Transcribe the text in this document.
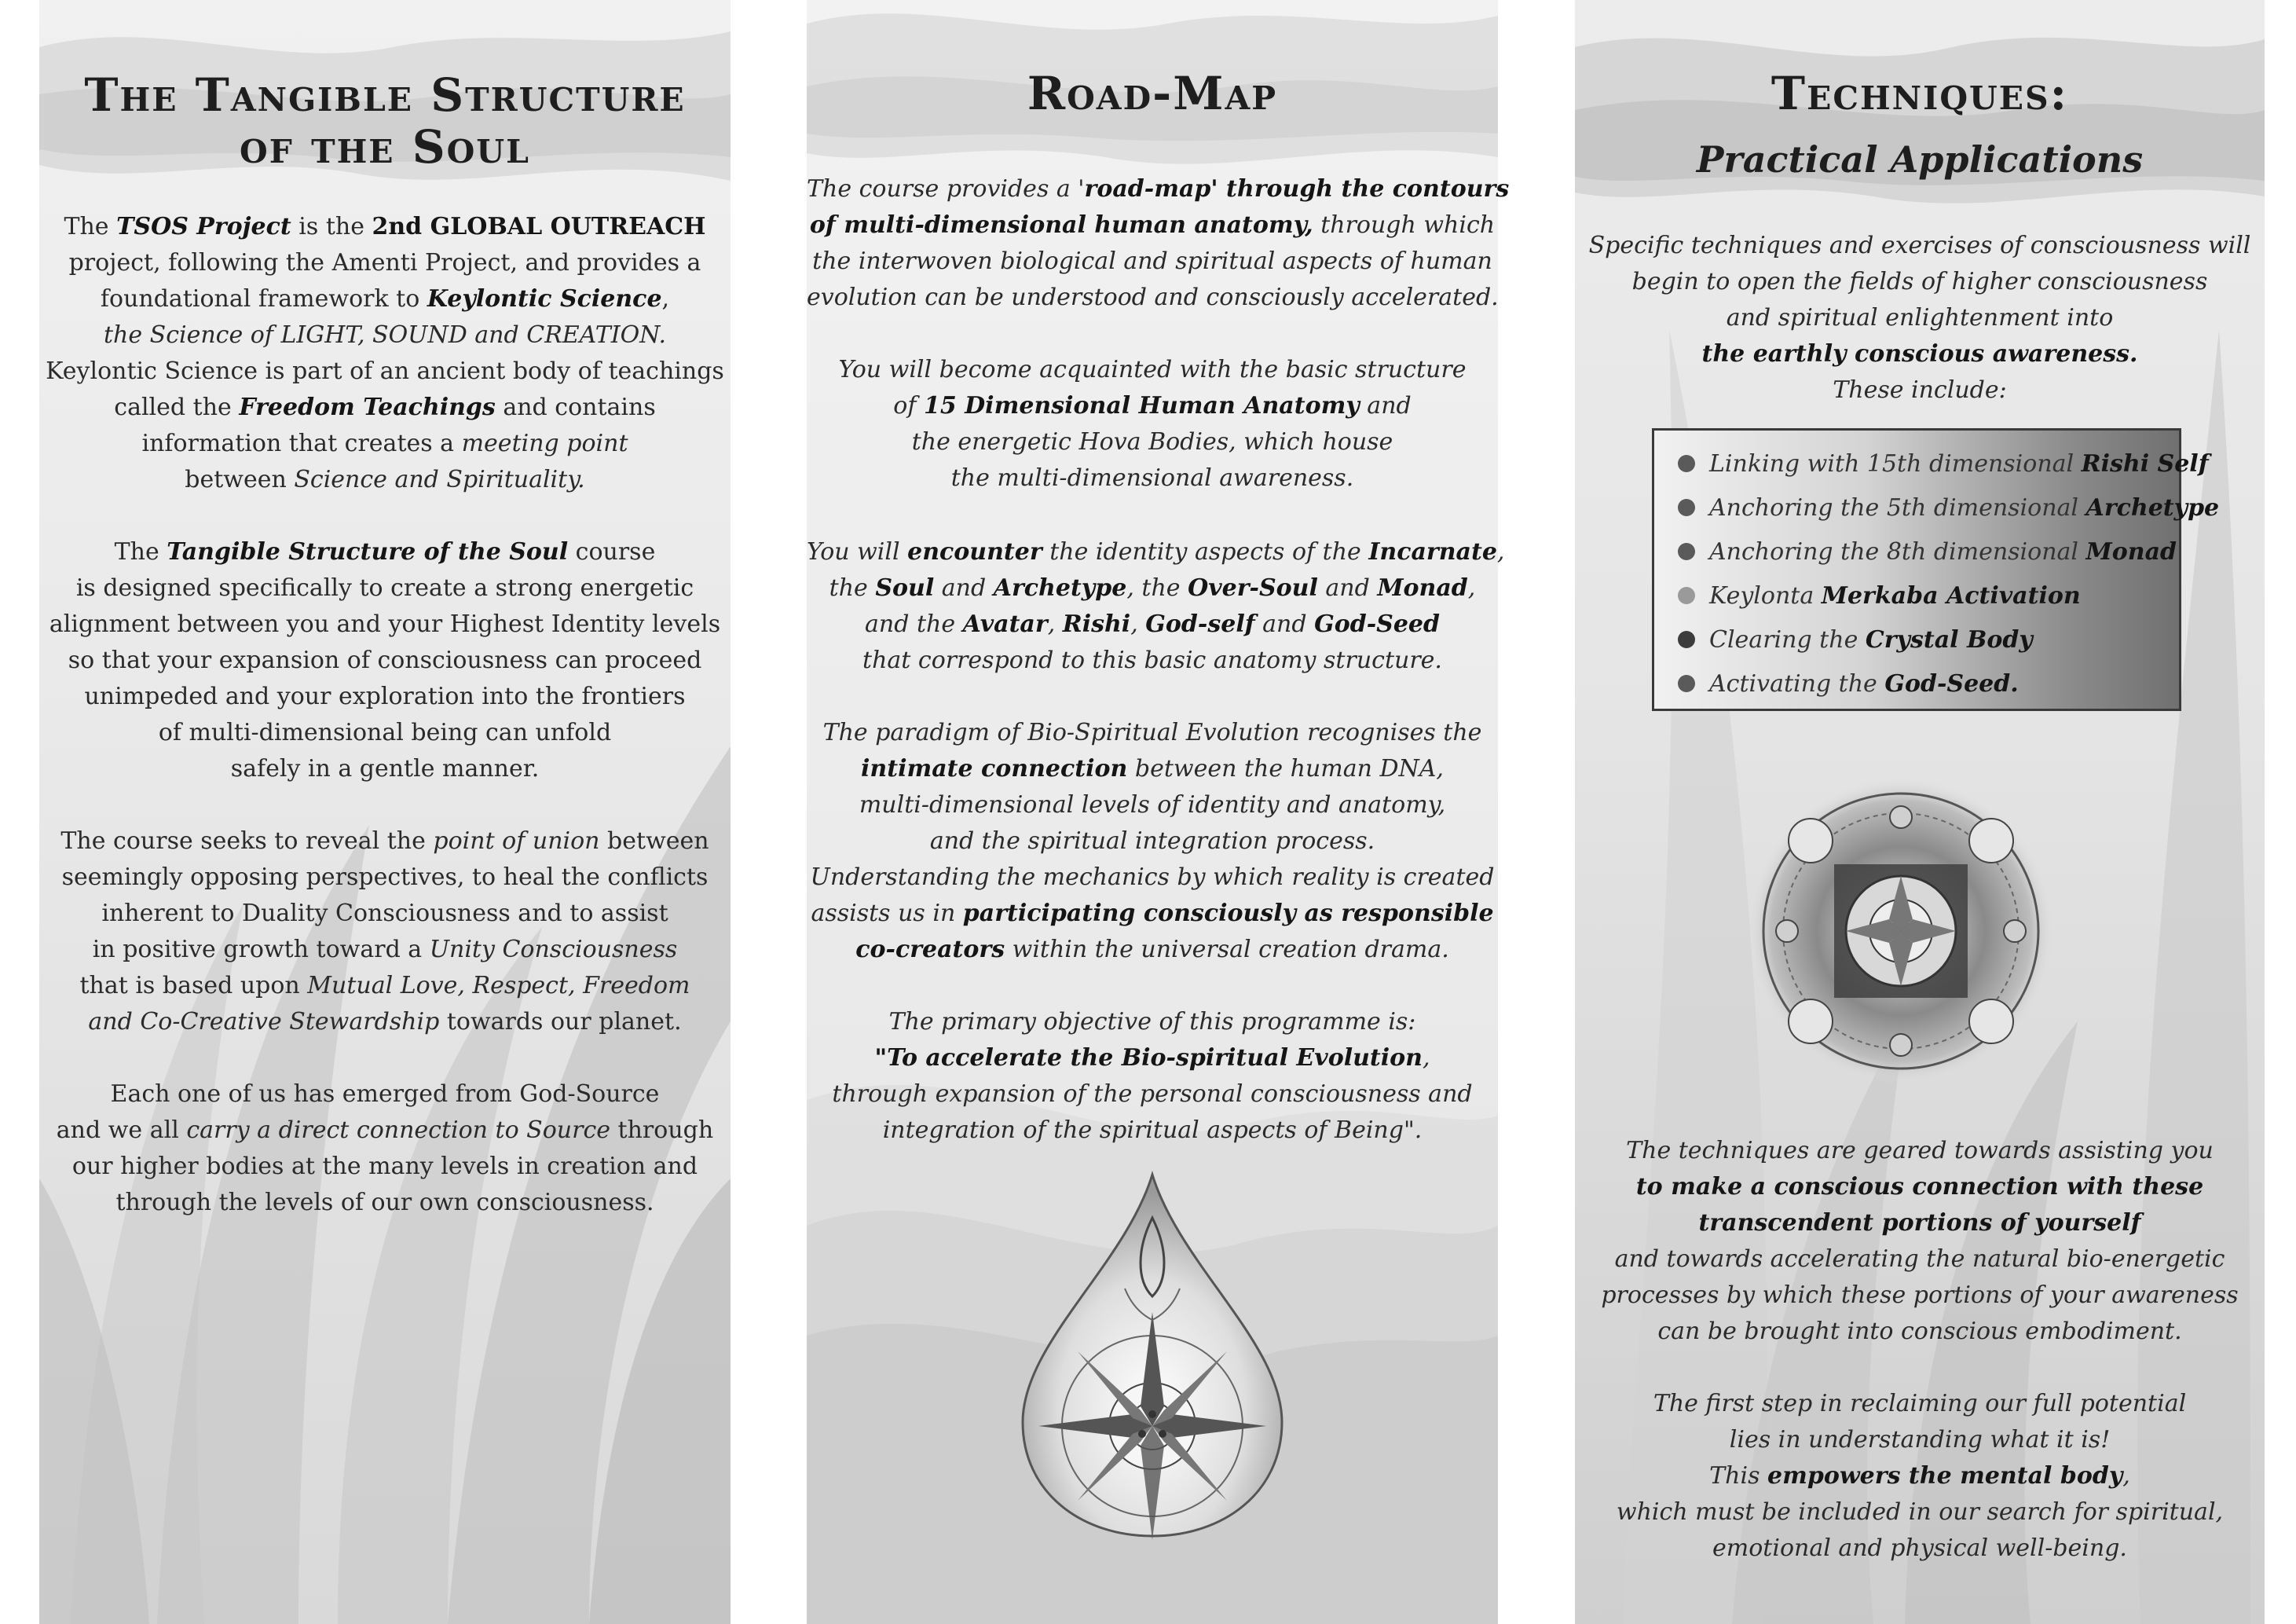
The Tangible Structure
of the Soul
The TSOS Project is the 2nd GLOBAL OUTREACH
project, following the Amenti Project, and provides a
foundational framework to Keylontic Science,
the Science of LIGHT, SOUND and CREATION.
Keylontic Science is part of an ancient body of teachings
called the Freedom Teachings and contains
information that creates a meeting point
between Science and Spirituality.
The Tangible Structure of the Soul course
is designed specifically to create a strong energetic
alignment between you and your Highest Identity levels
so that your expansion of consciousness can proceed
unimpeded and your exploration into the frontiers
of multi-dimensional being can unfold
safely in a gentle manner.
The course seeks to reveal the point of union between
seemingly opposing perspectives, to heal the conflicts
inherent to Duality Consciousness and to assist
in positive growth toward a Unity Consciousness
that is based upon Mutual Love, Respect, Freedom
and Co-Creative Stewardship towards our planet.
Each one of us has emerged from God-Source
and we all carry a direct connection to Source through
our higher bodies at the many levels in creation and
through the levels of our own consciousness.
Road-Map
The course provides a 'road-map' through the contours
of multi-dimensional human anatomy, through which
the interwoven biological and spiritual aspects of human
evolution can be understood and consciously accelerated.
You will become acquainted with the basic structure
of 15 Dimensional Human Anatomy and
the energetic Hova Bodies, which house
the multi-dimensional awareness.
You will encounter the identity aspects of the Incarnate,
the Soul and Archetype, the Over-Soul and Monad,
and the Avatar, Rishi, God-self and God-Seed
that correspond to this basic anatomy structure.
The paradigm of Bio-Spiritual Evolution recognises the
intimate connection between the human DNA,
multi-dimensional levels of identity and anatomy,
and the spiritual integration process.
Understanding the mechanics by which reality is created
assists us in participating consciously as responsible
co-creators within the universal creation drama.
The primary objective of this programme is:
"To accelerate the Bio-spiritual Evolution,
through expansion of the personal consciousness and
integration of the spiritual aspects of Being".
Techniques:
Practical Applications
Specific techniques and exercises of consciousness will
begin to open the fields of higher consciousness
and spiritual enlightenment into
the earthly conscious awareness.
These include:
Linking with 15th dimensional Rishi Self
Anchoring the 5th dimensional Archetype
Anchoring the 8th dimensional Monad
Keylonta Merkaba Activation
Clearing the Crystal Body
Activating the God-Seed.
The techniques are geared towards assisting you
to make a conscious connection with these
transcendent portions of yourself
and towards accelerating the natural bio-energetic
processes by which these portions of your awareness
can be brought into conscious embodiment.
The first step in reclaiming our full potential
lies in understanding what it is!
This empowers the mental body,
which must be included in our search for spiritual,
emotional and physical well-being.
